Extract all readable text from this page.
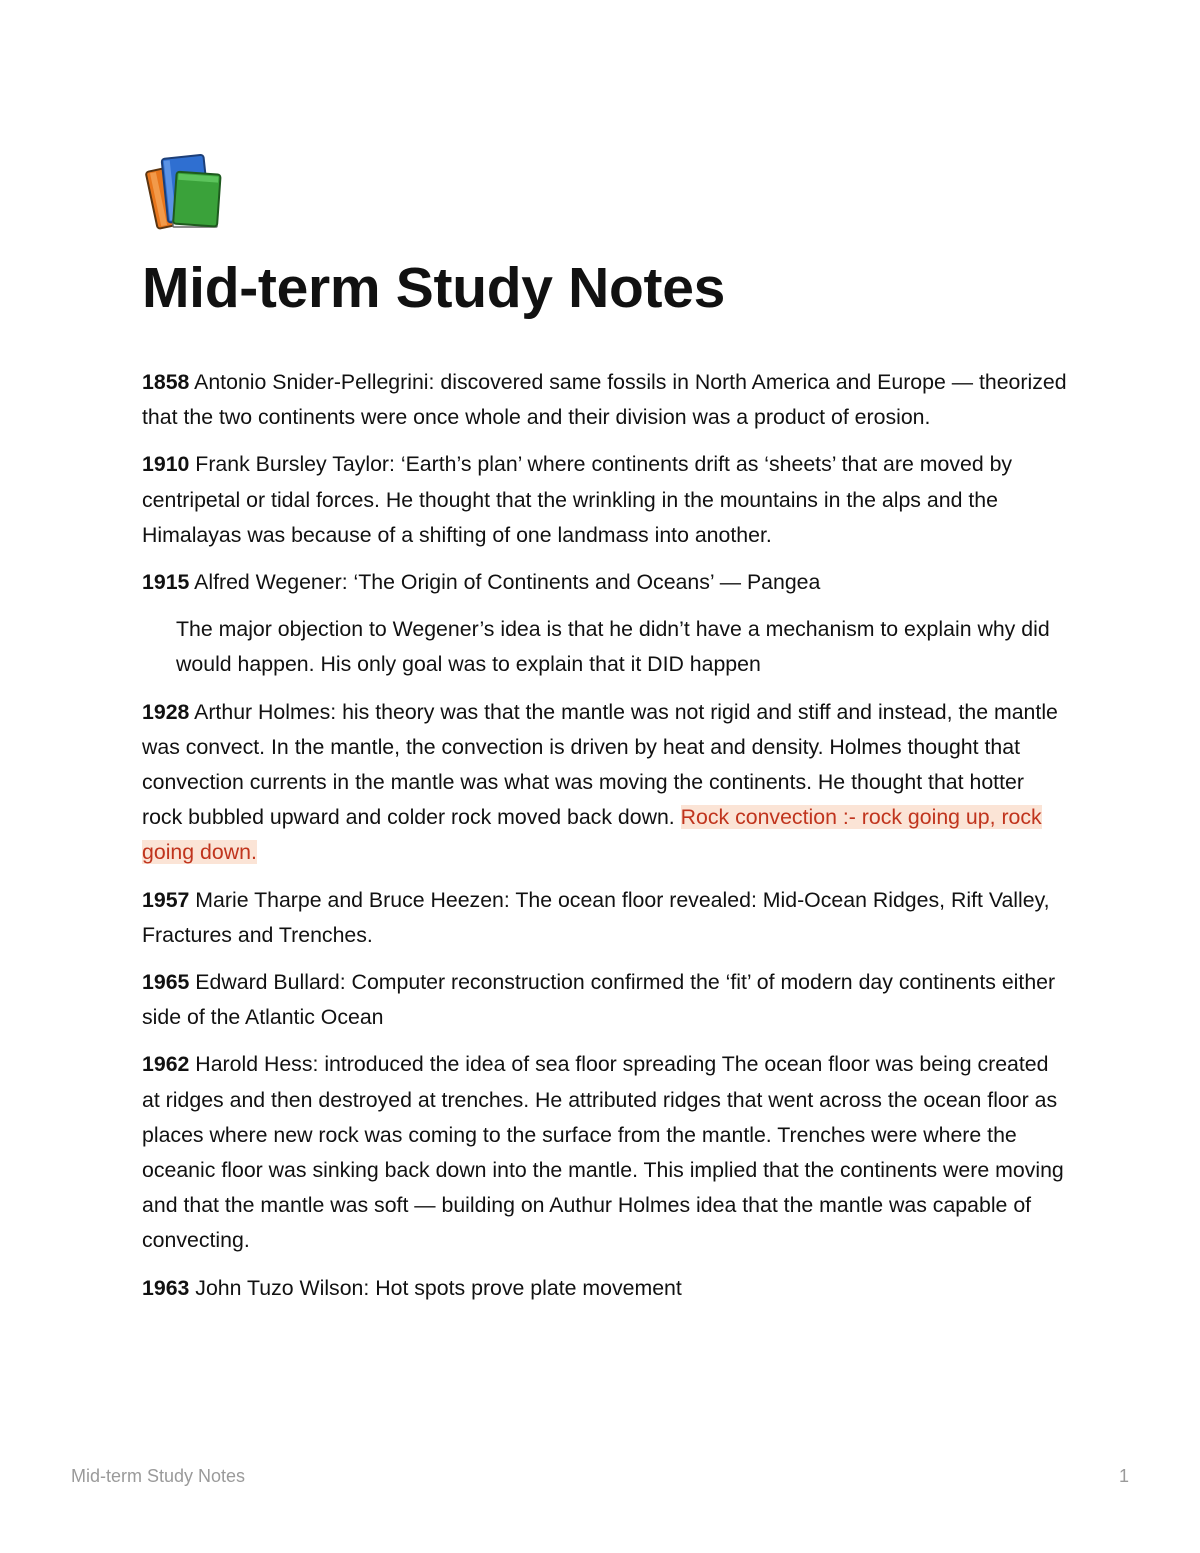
Mid-term Study Notes

1858 Antonio Snider-Pellegrini: discovered same fossils in North America and Europe — theorized that the two continents were once whole and their division was a product of erosion.

1910 Frank Bursley Taylor: ‘Earth’s plan’ where continents drift as ‘sheets’ that are moved by centripetal or tidal forces. He thought that the wrinkling in the mountains in the alps and the Himalayas was because of a shifting of one landmass into another.

1915 Alfred Wegener: ‘The Origin of Continents and Oceans’ — Pangea

The major objection to Wegener’s idea is that he didn’t have a mechanism to explain why did would happen. His only goal was to explain that it DID happen

1928 Arthur Holmes: his theory was that the mantle was not rigid and stiff and instead, the mantle was convect. In the mantle, the convection is driven by heat and density. Holmes thought that convection currents in the mantle was what was moving the continents. He thought that hotter rock bubbled upward and colder rock moved back down. Rock convection :- rock going up, rock going down.

1957 Marie Tharpe and Bruce Heezen: The ocean floor revealed: Mid-Ocean Ridges, Rift Valley, Fractures and Trenches.

1965 Edward Bullard: Computer reconstruction confirmed the ‘fit’ of modern day continents either side of the Atlantic Ocean

1962 Harold Hess: introduced the idea of sea floor spreading The ocean floor was being created at ridges and then destroyed at trenches. He attributed ridges that went across the ocean floor as places where new rock was coming to the surface from the mantle. Trenches were where the oceanic floor was sinking back down into the mantle. This implied that the continents were moving and that the mantle was soft — building on Authur Holmes idea that the mantle was capable of convecting.

1963 John Tuzo Wilson: Hot spots prove plate movement

Mid-term Study Notes	1
